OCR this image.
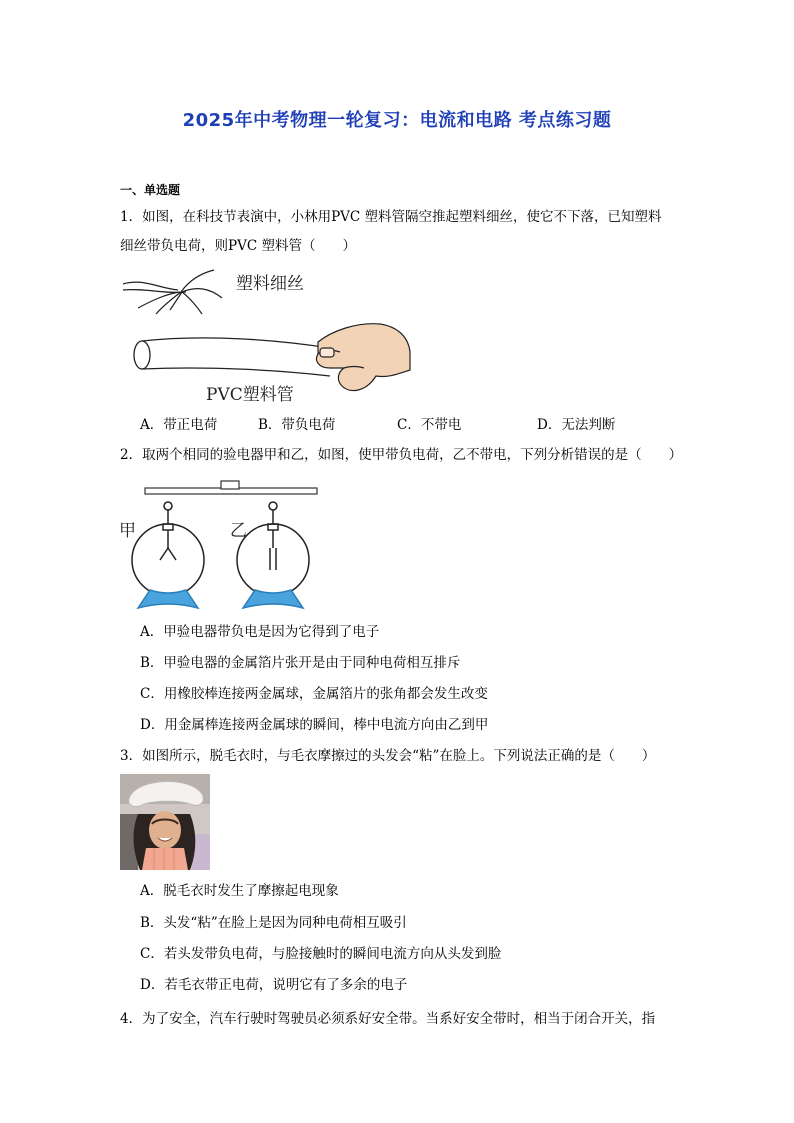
2025年中考物理一轮复习：电流和电路 考点练习题
一、单选题
1．如图，在科技节表演中，小林用PVC 塑料管隔空推起塑料细丝，使它不下落，已知塑料
细丝带负电荷，则PVC 塑料管（　　）
塑料细丝
PVC塑料管
A．带正电荷	B．带负电荷	C．不带电	D．无法判断
2．取两个相同的验电器甲和乙，如图，使甲带负电荷，乙不带电，下列分析错误的是（　　）
甲	乙
A．甲验电器带负电是因为它得到了电子
B．甲验电器的金属箔片张开是由于同种电荷相互排斥
C．用橡胶棒连接两金属球，金属箔片的张角都会发生改变
D．用金属棒连接两金属球的瞬间，棒中电流方向由乙到甲
3．如图所示，脱毛衣时，与毛衣摩擦过的头发会“粘”在脸上。下列说法正确的是（　　）
A．脱毛衣时发生了摩擦起电现象
B．头发“粘”在脸上是因为同种电荷相互吸引
C．若头发带负电荷，与脸接触时的瞬间电流方向从头发到脸
D．若毛衣带正电荷，说明它有了多余的电子
4．为了安全，汽车行驶时驾驶员必须系好安全带。当系好安全带时，相当于闭合开关，指
